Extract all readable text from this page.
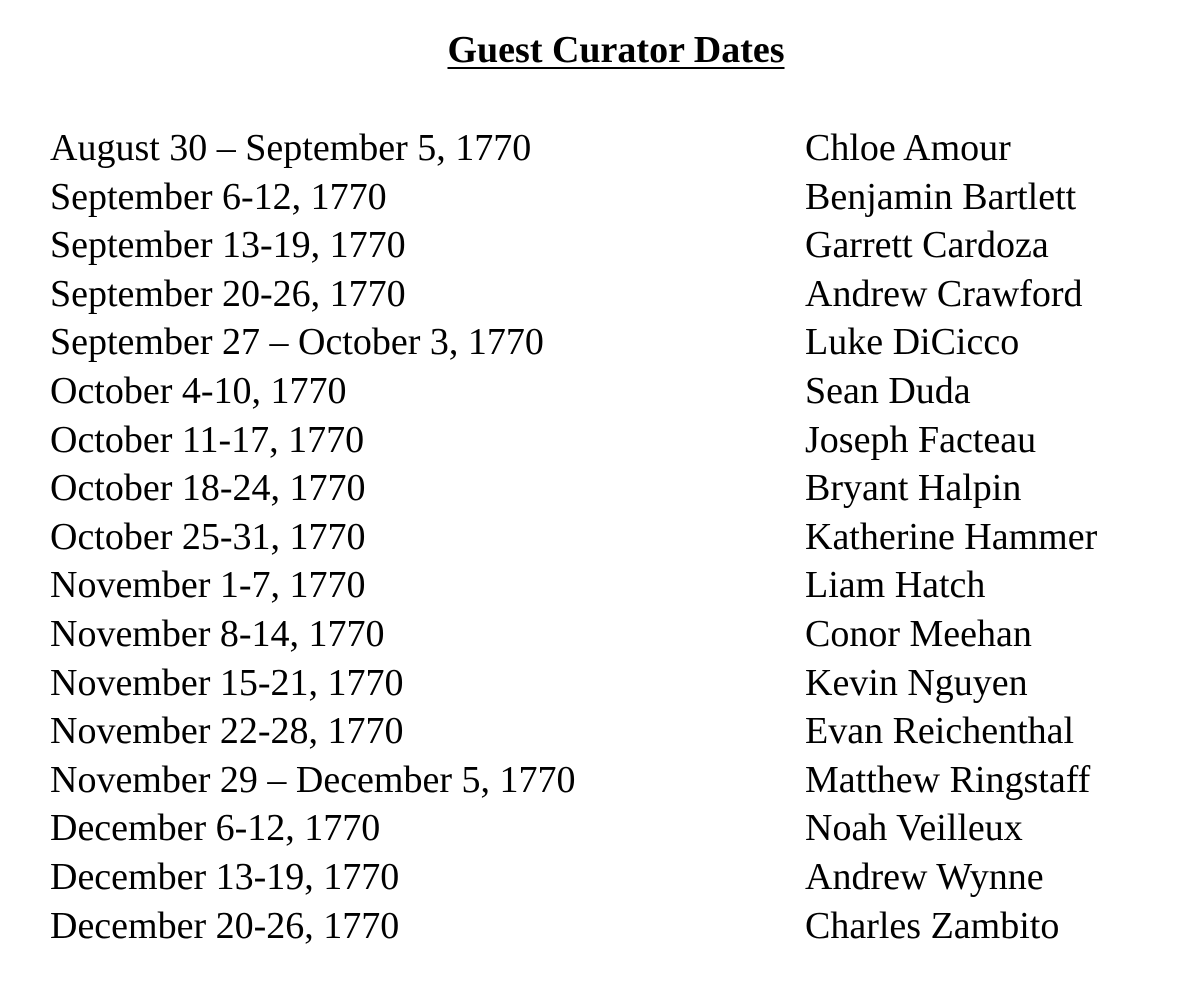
Guest Curator Dates
August 30 – September 5, 1770	Chloe Amour
September 6-12, 1770	Benjamin Bartlett
September 13-19, 1770	Garrett Cardoza
September 20-26, 1770	Andrew Crawford
September 27 – October 3, 1770	Luke DiCicco
October 4-10, 1770	Sean Duda
October 11-17, 1770	Joseph Facteau
October 18-24, 1770	Bryant Halpin
October 25-31, 1770	Katherine Hammer
November 1-7, 1770	Liam Hatch
November 8-14, 1770	Conor Meehan
November 15-21, 1770	Kevin Nguyen
November 22-28, 1770	Evan Reichenthal
November 29 – December 5, 1770	Matthew Ringstaff
December 6-12, 1770	Noah Veilleux
December 13-19, 1770	Andrew Wynne
December 20-26, 1770	Charles Zambito
